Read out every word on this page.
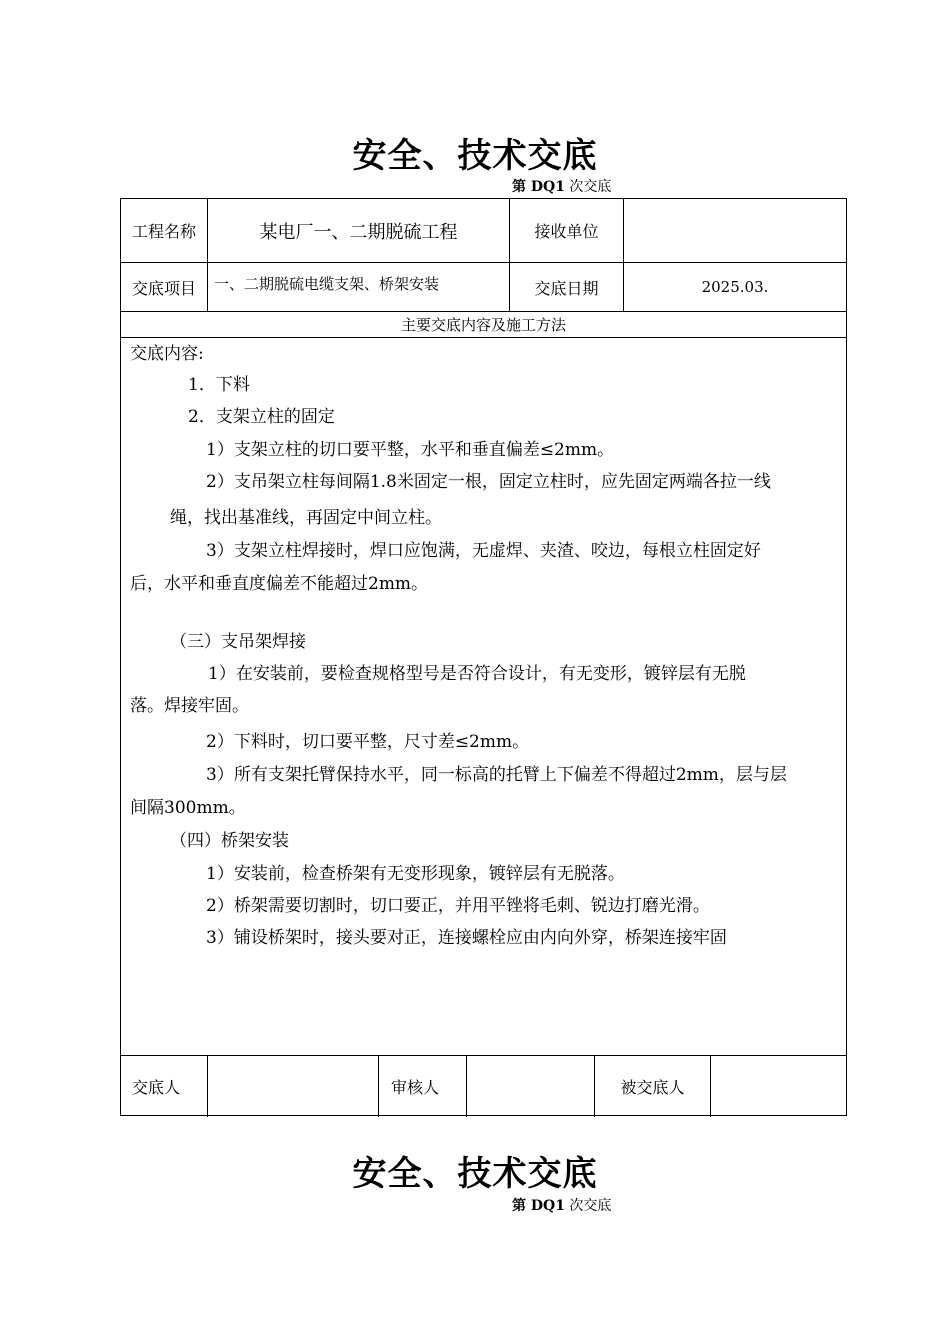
安全、技术交底
第 DQ1 次交底
工程名称	某电厂一、二期脱硫工程	接收单位
交底项目	一、二期脱硫电缆支架、桥架安装	交底日期	2025.03.
主要交底内容及施工方法
交底内容:
1．下料
2．支架立柱的固定
1）支架立柱的切口要平整，水平和垂直偏差≤2mm。
2）支吊架立柱每间隔1.8米固定一根，固定立柱时，应先固定两端各拉一线
绳，找出基准线，再固定中间立柱。
3）支架立柱焊接时，焊口应饱满，无虚焊、夹渣、咬边，每根立柱固定好
后，水平和垂直度偏差不能超过2mm。
（三）支吊架焊接
1）在安装前，要检查规格型号是否符合设计，有无变形，镀锌层有无脱
落。焊接牢固。
2）下料时，切口要平整，尺寸差≤2mm。
3）所有支架托臂保持水平，同一标高的托臂上下偏差不得超过2mm，层与层
间隔300mm。
（四）桥架安装
1）安装前，检查桥架有无变形现象，镀锌层有无脱落。
2）桥架需要切割时，切口要正，并用平锉将毛刺、锐边打磨光滑。
3）铺设桥架时，接头要对正，连接螺栓应由内向外穿，桥架连接牢固
交底人	审核人	被交底人
安全、技术交底
第 DQ1 次交底
